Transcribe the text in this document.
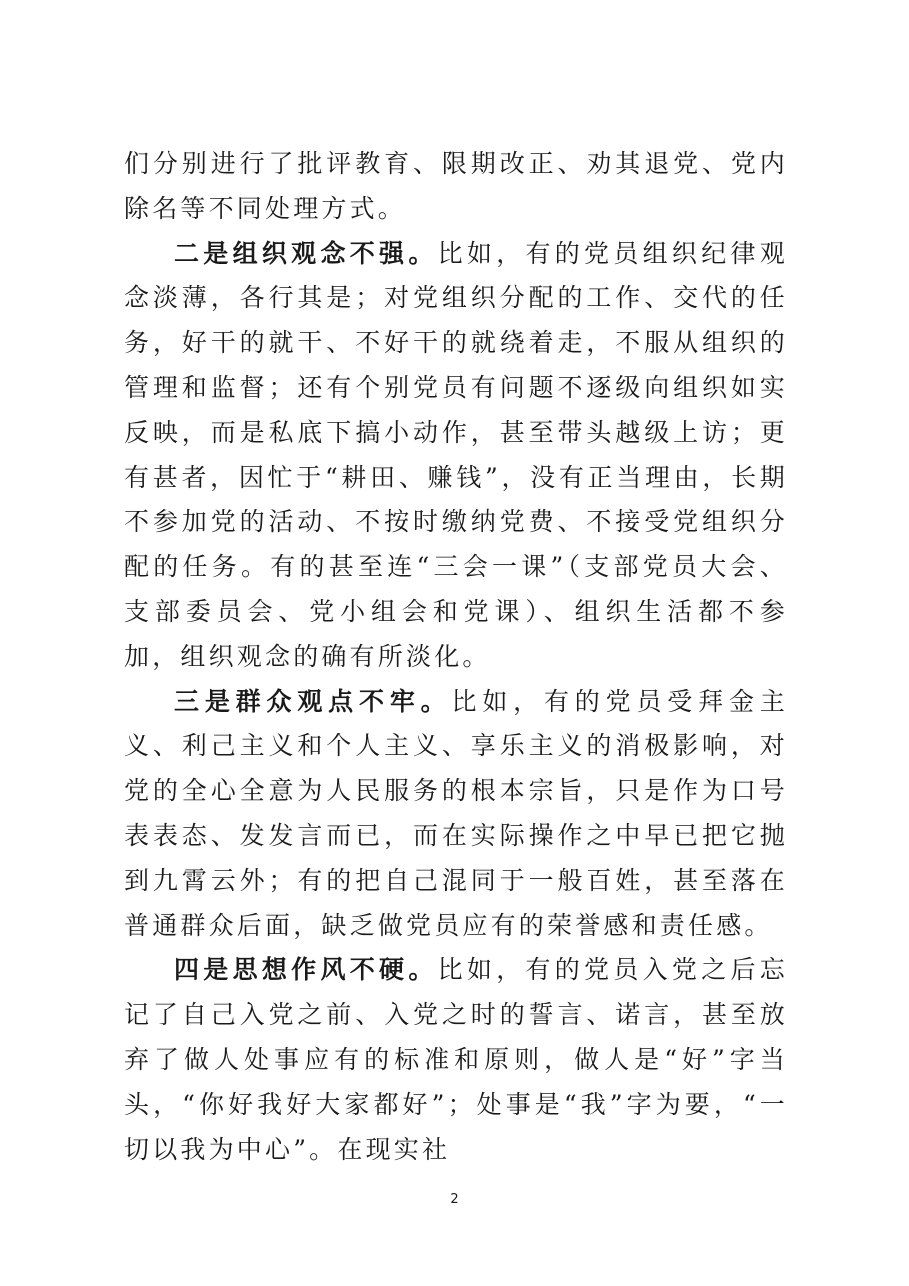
们分别进行了批评教育、限期改正、劝其退党、党内除名等不同处理方式。

二是组织观念不强。比如，有的党员组织纪律观念淡薄，各行其是；对党组织分配的工作、交代的任务，好干的就干、不好干的就绕着走，不服从组织的管理和监督；还有个别党员有问题不逐级向组织如实反映，而是私底下搞小动作，甚至带头越级上访；更有甚者，因忙于“耕田、赚钱”，没有正当理由，长期不参加党的活动、不按时缴纳党费、不接受党组织分配的任务。有的甚至连“三会一课”（支部党员大会、支部委员会、党小组会和党课）、组织生活都不参加，组织观念的确有所淡化。

三是群众观点不牢。比如，有的党员受拜金主义、利己主义和个人主义、享乐主义的消极影响，对党的全心全意为人民服务的根本宗旨，只是作为口号表表态、发发言而已，而在实际操作之中早已把它抛到九霄云外；有的把自己混同于一般百姓，甚至落在普通群众后面，缺乏做党员应有的荣誉感和责任感。

四是思想作风不硬。比如，有的党员入党之后忘记了自己入党之前、入党之时的誓言、诺言，甚至放弃了做人处事应有的标准和原则，做人是“好”字当头，“你好我好大家都好”；处事是“我”字为要，“一切以我为中心”。在现实社

2
